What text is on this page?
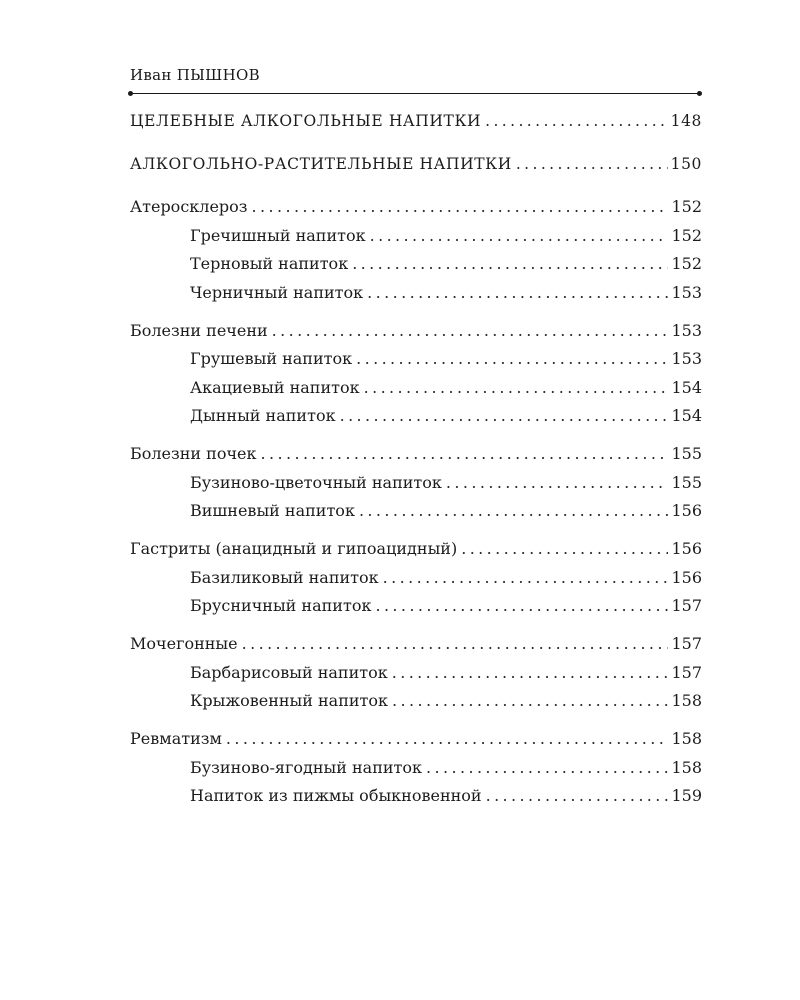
Иван ПЫШНОВ
ЦЕЛЕБНЫЕ АЛКОГОЛЬНЫЕ НАПИТКИ .....	148
АЛКОГОЛЬНО-РАСТИТЕЛЬНЫЕ НАПИТКИ .....	150
Атеросклероз .....	152
Гречишный напиток .....	152
Терновый напиток .....	152
Черничный напиток .....	153
Болезни печени .....	153
Грушевый напиток .....	153
Акациевый напиток .....	154
Дынный напиток .....	154
Болезни почек .....	155
Бузиново-цветочный напиток .....	155
Вишневый напиток .....	156
Гастриты (анацидный и гипоацидный) .....	156
Базиликовый напиток .....	156
Брусничный напиток .....	157
Мочегонные .....	157
Барбарисовый напиток .....	157
Крыжовенный напиток .....	158
Ревматизм .....	158
Бузиново-ягодный напиток .....	158
Напиток из пижмы обыкновенной .....	159
